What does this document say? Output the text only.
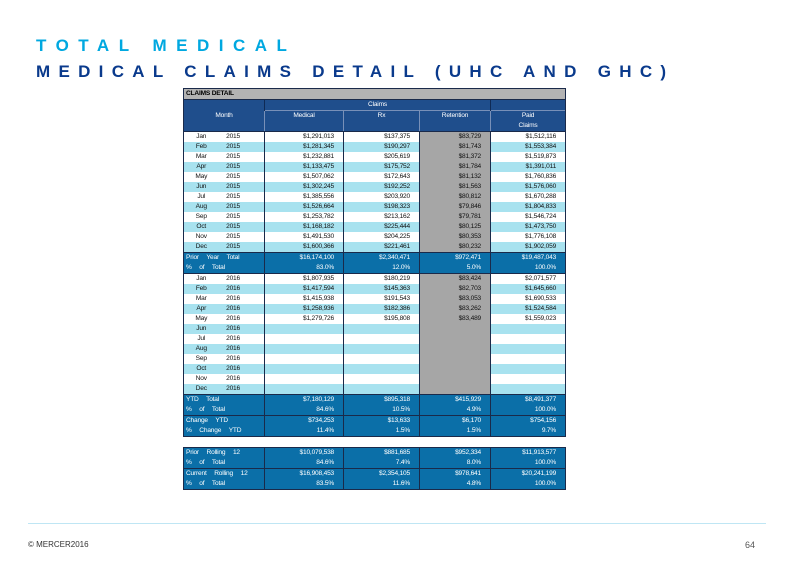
TOTAL MEDICAL
MEDICAL CLAIMS DETAIL (UHC AND GHC)
CLAIMS DETAIL					
		Claims			
Month		Medical	Rx	Retention	Paid
					Claims
Jan	2015	$1,291,013	$137,375	$83,729	$1,512,116
Feb	2015	$1,281,345	$190,297	$81,743	$1,553,384
Mar	2015	$1,232,881	$205,619	$81,372	$1,519,873
Apr	2015	$1,133,475	$175,752	$81,784	$1,391,011
May	2015	$1,507,062	$172,643	$81,132	$1,760,836
Jun	2015	$1,302,245	$192,252	$81,563	$1,576,060
Jul	2015	$1,385,556	$203,920	$80,812	$1,670,288
Aug	2015	$1,526,664	$198,323	$79,846	$1,804,833
Sep	2015	$1,253,782	$213,162	$79,781	$1,546,724
Oct	2015	$1,168,182	$225,444	$80,125	$1,473,750
Nov	2015	$1,491,530	$204,225	$80,353	$1,776,108
Dec	2015	$1,600,366	$221,461	$80,232	$1,902,059
Prior Year Total		$16,174,100	$2,340,471	$972,471	$19,487,043
% of Total		83.0%	12.0%	5.0%	100.0%
Jan	2016	$1,807,935	$180,219	$83,424	$2,071,577
Feb	2016	$1,417,594	$145,363	$82,703	$1,645,660
Mar	2016	$1,415,938	$191,543	$83,053	$1,690,533
Apr	2016	$1,258,936	$182,386	$83,262	$1,524,584
May	2016	$1,279,726	$195,808	$83,489	$1,559,023
Jun	2016				
Jul	2016				
Aug	2016				
Sep	2016				
Oct	2016				
Nov	2016				
Dec	2016				
YTD Total		$7,180,129	$895,318	$415,929	$8,491,377
% of Total		84.6%	10.5%	4.9%	100.0%
Change YTD		$734,253	$13,633	$6,170	$754,156
% Change YTD		11.4%	1.5%	1.5%	9.7%

Prior Rolling 12		$10,079,538	$881,685	$952,334	$11,913,577
% of Total		84.6%	7.4%	8.0%	100.0%
Current Rolling 12		$16,908,453	$2,354,105	$978,641	$20,241,199
% of Total		83.5%	11.6%	4.8%	100.0%
© MERCER2016	64
